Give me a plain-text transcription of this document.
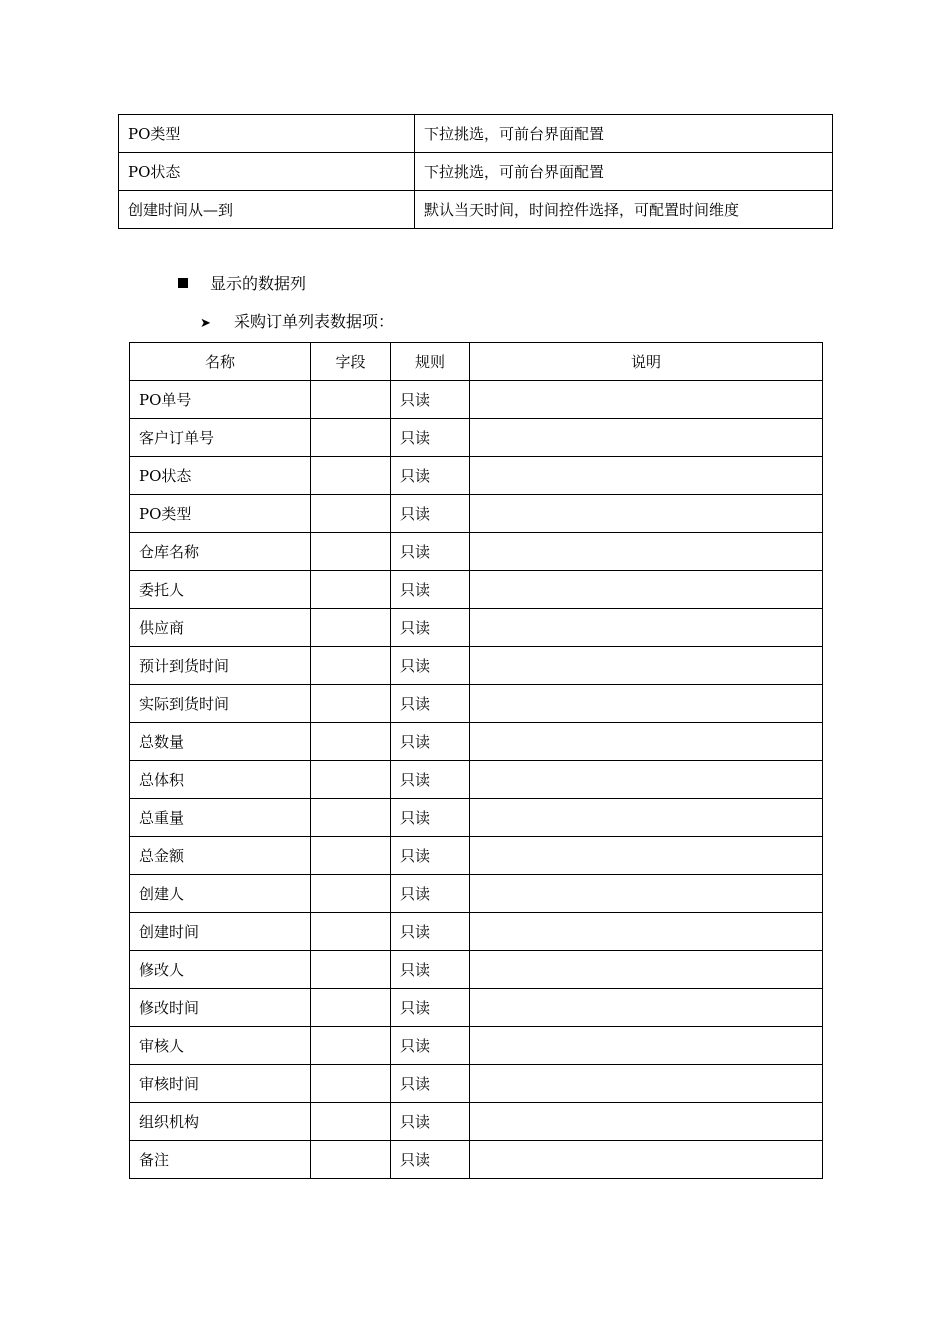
PO类型	下拉挑选，可前台界面配置
PO状态	下拉挑选，可前台界面配置
创建时间从—到	默认当天时间，时间控件选择，可配置时间维度
显示的数据列
➤ 采购订单列表数据项：
名称	字段	规则	说明
PO单号		只读	
客户订单号		只读	
PO状态		只读	
PO类型		只读	
仓库名称		只读	
委托人		只读	
供应商		只读	
预计到货时间		只读	
实际到货时间		只读	
总数量		只读	
总体积		只读	
总重量		只读	
总金额		只读	
创建人		只读	
创建时间		只读	
修改人		只读	
修改时间		只读	
审核人		只读	
审核时间		只读	
组织机构		只读	
备注		只读	
